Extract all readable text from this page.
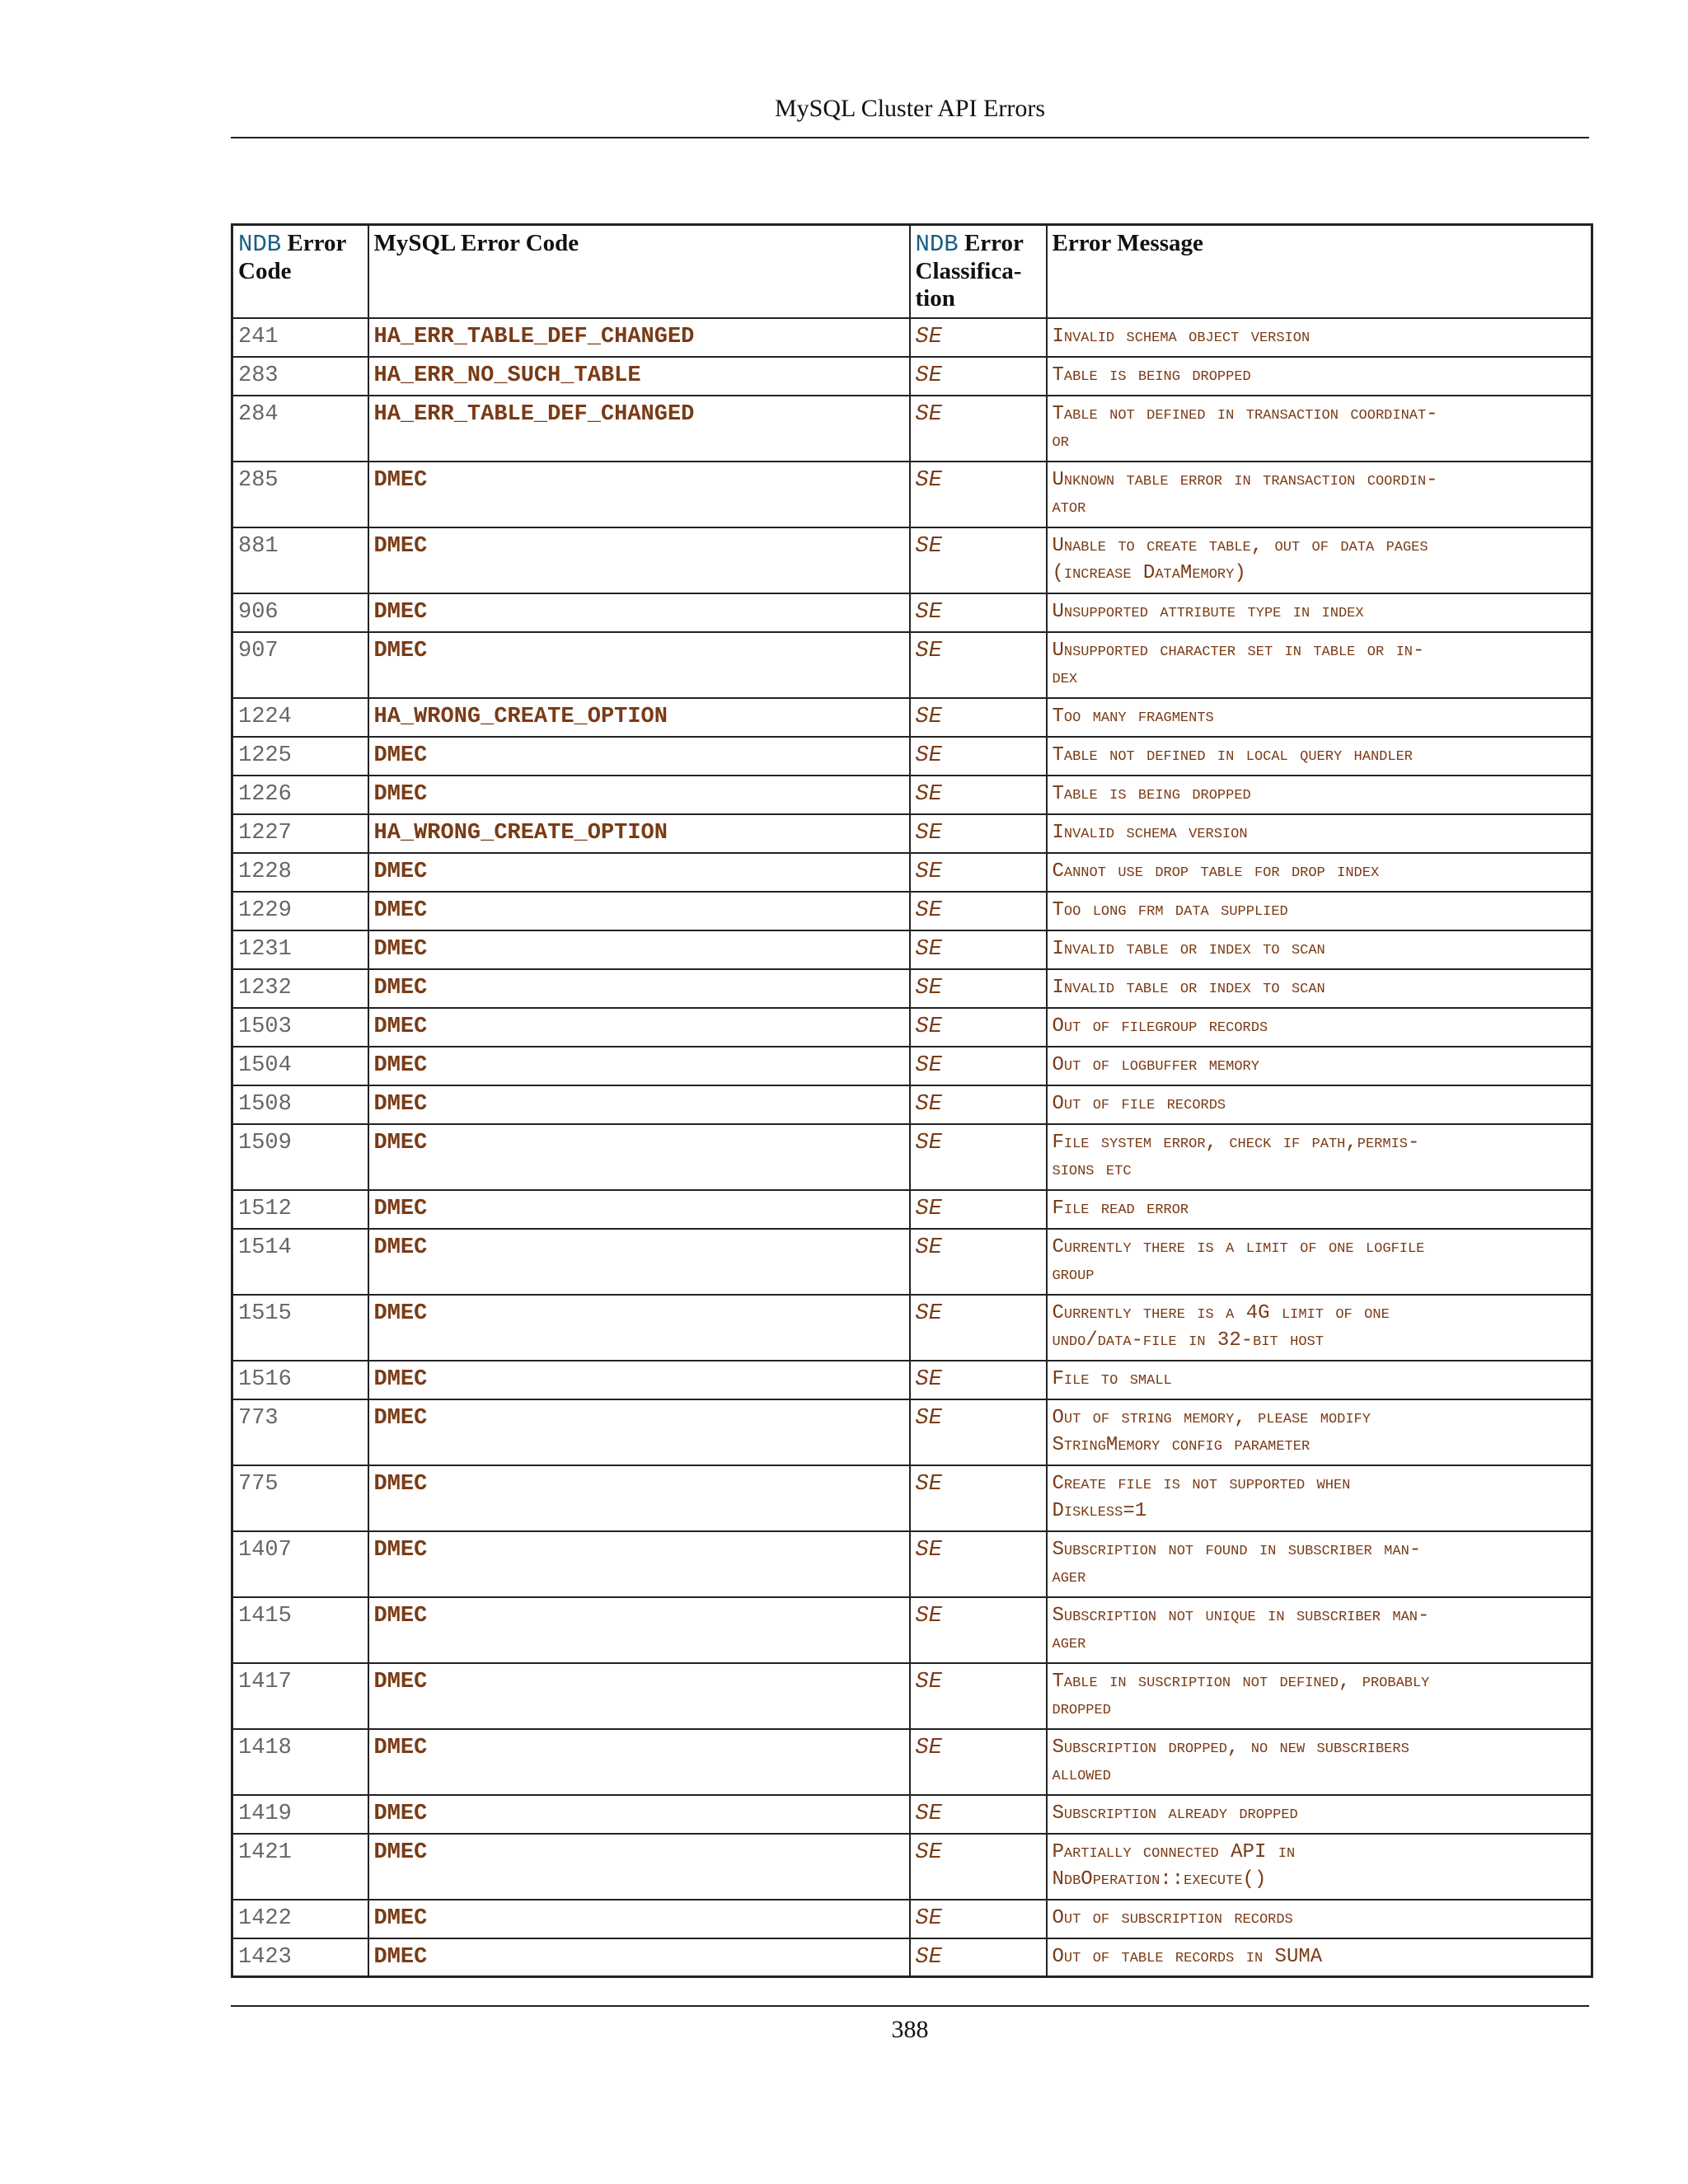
MySQL Cluster API Errors
NDB Error Code	MySQL Error Code	NDB Error Classifica-tion	Error Message
241	HA_ERR_TABLE_DEF_CHANGED	SE	Invalid schema object version
283	HA_ERR_NO_SUCH_TABLE	SE	Table is being dropped
284	HA_ERR_TABLE_DEF_CHANGED	SE	Table not defined in transaction coordinat-
or
285	DMEC	SE	Unknown table error in transaction coordin-
ator
881	DMEC	SE	Unable to create table, out of data pages
(increase DataMemory)
906	DMEC	SE	Unsupported attribute type in index
907	DMEC	SE	Unsupported character set in table or in-
dex
1224	HA_WRONG_CREATE_OPTION	SE	Too many fragments
1225	DMEC	SE	Table not defined in local query handler
1226	DMEC	SE	Table is being dropped
1227	HA_WRONG_CREATE_OPTION	SE	Invalid schema version
1228	DMEC	SE	Cannot use drop table for drop index
1229	DMEC	SE	Too long frm data supplied
1231	DMEC	SE	Invalid table or index to scan
1232	DMEC	SE	Invalid table or index to scan
1503	DMEC	SE	Out of filegroup records
1504	DMEC	SE	Out of logbuffer memory
1508	DMEC	SE	Out of file records
1509	DMEC	SE	File system error, check if path,permis-
sions etc
1512	DMEC	SE	File read error
1514	DMEC	SE	Currently there is a limit of one logfile
group
1515	DMEC	SE	Currently there is a 4G limit of one
undo/data-file in 32-bit host
1516	DMEC	SE	File to small
773	DMEC	SE	Out of string memory, please modify
StringMemory config parameter
775	DMEC	SE	Create file is not supported when
Diskless=1
1407	DMEC	SE	Subscription not found in subscriber man-
ager
1415	DMEC	SE	Subscription not unique in subscriber man-
ager
1417	DMEC	SE	Table in suscription not defined, probably
dropped
1418	DMEC	SE	Subscription dropped, no new subscribers
allowed
1419	DMEC	SE	Subscription already dropped
1421	DMEC	SE	Partially connected API in
NdbOperation::execute()
1422	DMEC	SE	Out of subscription records
1423	DMEC	SE	Out of table records in SUMA
388
